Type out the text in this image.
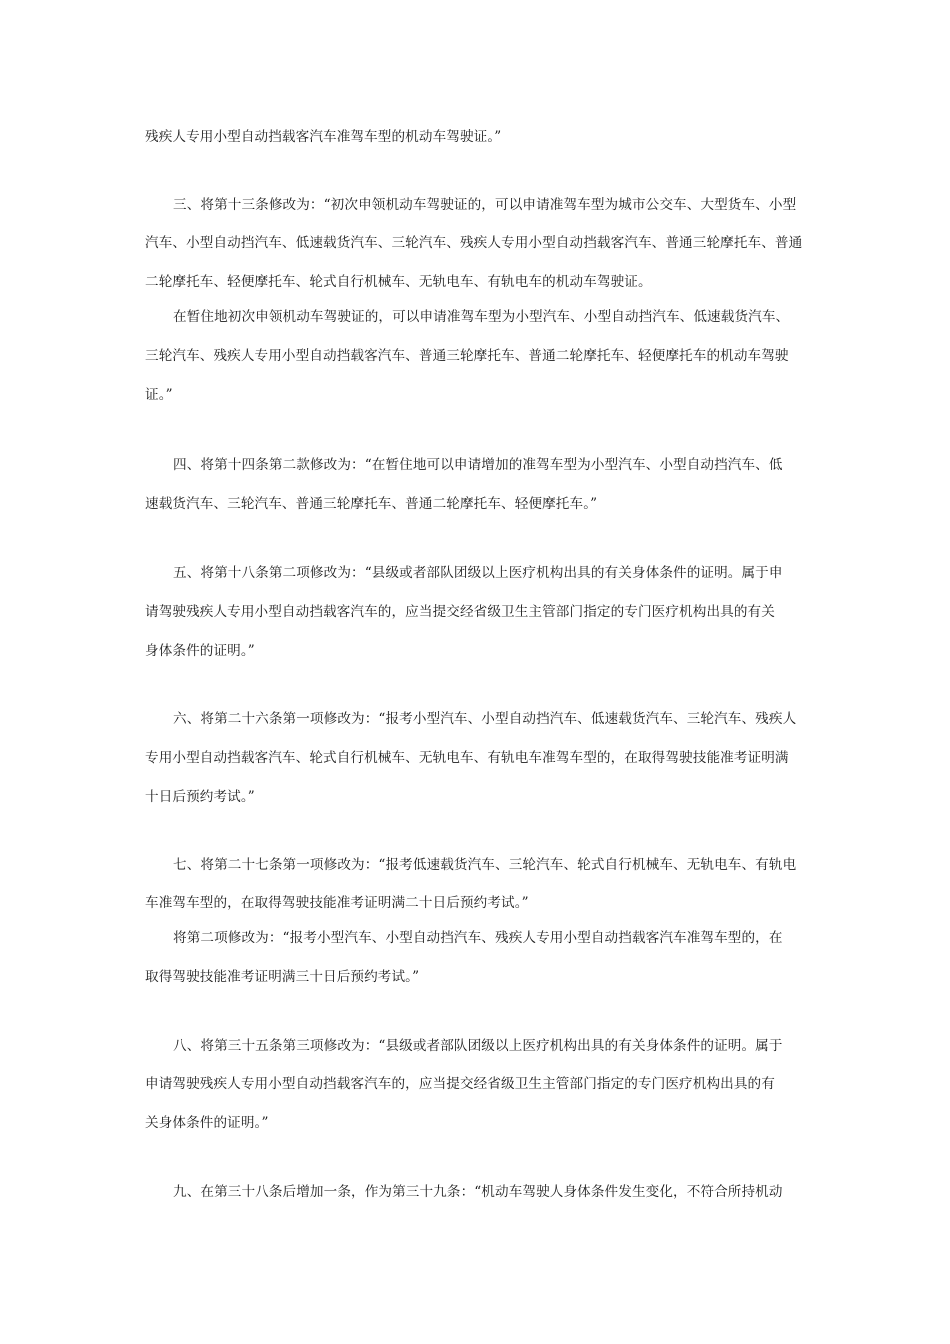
残疾人专用小型自动挡载客汽车准驾车型的机动车驾驶证。”
三、将第十三条修改为：“初次申领机动车驾驶证的，可以申请准驾车型为城市公交车、大型货车、小型
汽车、小型自动挡汽车、低速载货汽车、三轮汽车、残疾人专用小型自动挡载客汽车、普通三轮摩托车、普通
二轮摩托车、轻便摩托车、轮式自行机械车、无轨电车、有轨电车的机动车驾驶证。
在暂住地初次申领机动车驾驶证的，可以申请准驾车型为小型汽车、小型自动挡汽车、低速载货汽车、
三轮汽车、残疾人专用小型自动挡载客汽车、普通三轮摩托车、普通二轮摩托车、轻便摩托车的机动车驾驶
证。”
四、将第十四条第二款修改为：“在暂住地可以申请增加的准驾车型为小型汽车、小型自动挡汽车、低
速载货汽车、三轮汽车、普通三轮摩托车、普通二轮摩托车、轻便摩托车。”
五、将第十八条第二项修改为：“县级或者部队团级以上医疗机构出具的有关身体条件的证明。属于申
请驾驶残疾人专用小型自动挡载客汽车的，应当提交经省级卫生主管部门指定的专门医疗机构出具的有关
身体条件的证明。”
六、将第二十六条第一项修改为：“报考小型汽车、小型自动挡汽车、低速载货汽车、三轮汽车、残疾人
专用小型自动挡载客汽车、轮式自行机械车、无轨电车、有轨电车准驾车型的，在取得驾驶技能准考证明满
十日后预约考试。”
七、将第二十七条第一项修改为：“报考低速载货汽车、三轮汽车、轮式自行机械车、无轨电车、有轨电
车准驾车型的，在取得驾驶技能准考证明满二十日后预约考试。”
将第二项修改为：“报考小型汽车、小型自动挡汽车、残疾人专用小型自动挡载客汽车准驾车型的，在
取得驾驶技能准考证明满三十日后预约考试。”
八、将第三十五条第三项修改为：“县级或者部队团级以上医疗机构出具的有关身体条件的证明。属于
申请驾驶残疾人专用小型自动挡载客汽车的，应当提交经省级卫生主管部门指定的专门医疗机构出具的有
关身体条件的证明。”
九、在第三十八条后增加一条，作为第三十九条：“机动车驾驶人身体条件发生变化，不符合所持机动
